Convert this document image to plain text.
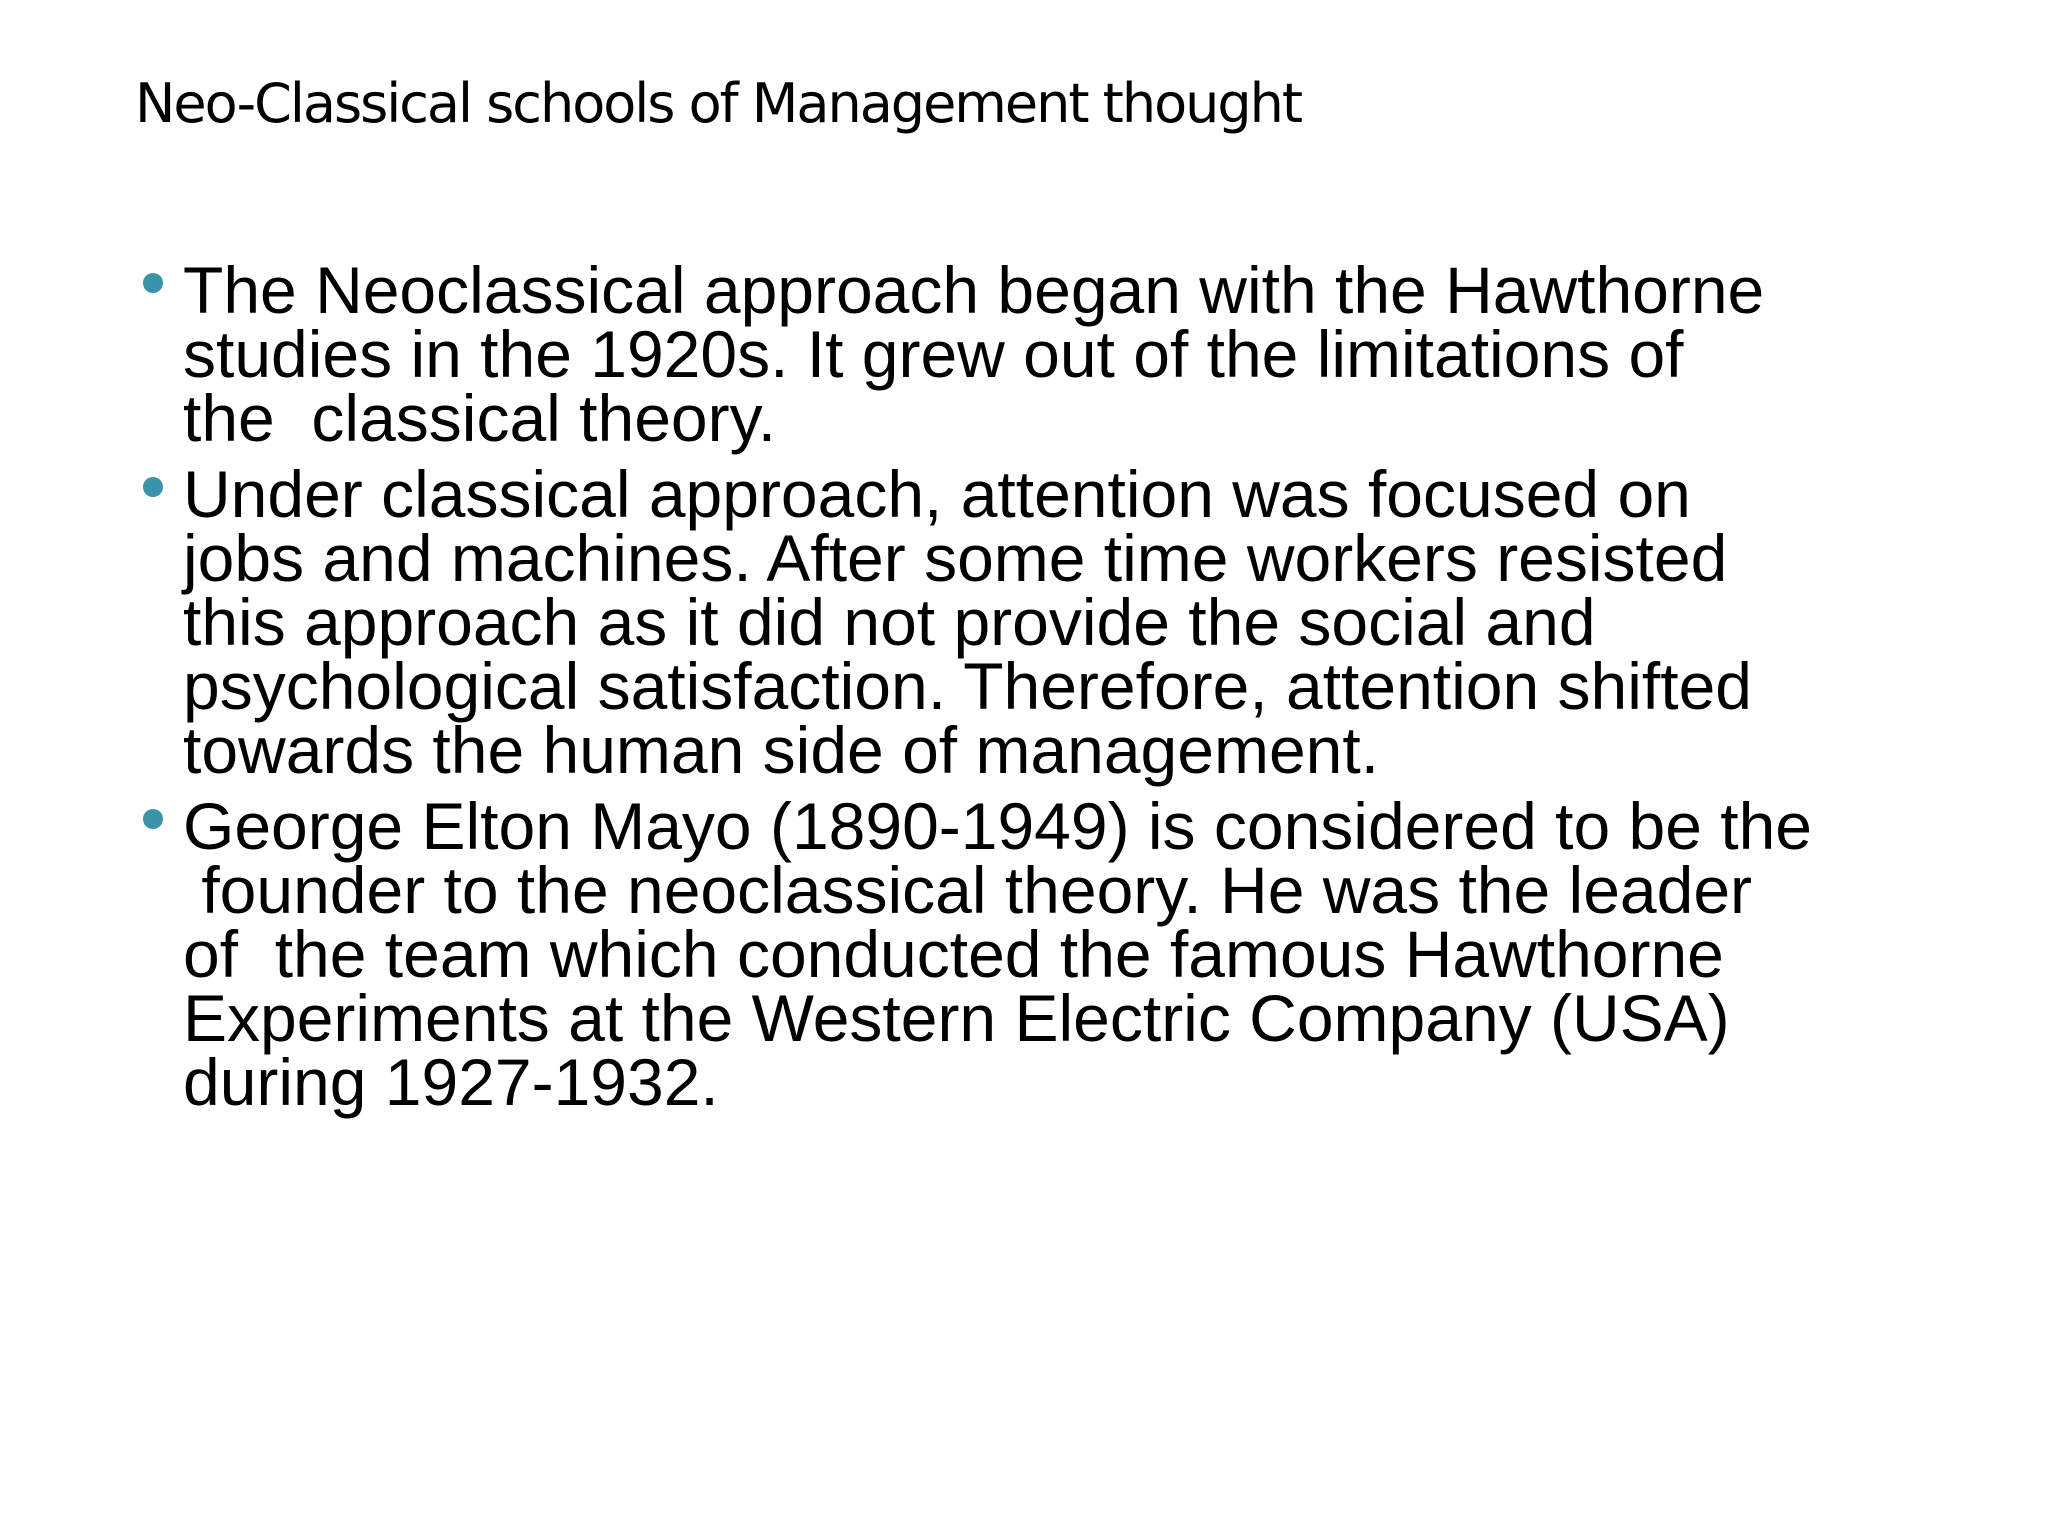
Neo-Classical schools of Management thought
The Neoclassical approach began with the Hawthorne
studies in the 1920s. It grew out of the limitations of
the  classical theory.
Under classical approach, attention was focused on
jobs and machines. After some time workers resisted
this approach as it did not provide the social and
psychological satisfaction. Therefore, attention shifted
towards the human side of management.
George Elton Mayo (1890-1949) is considered to be the
founder to the neoclassical theory. He was the leader
of  the team which conducted the famous Hawthorne
Experiments at the Western Electric Company (USA)
during 1927-1932.
